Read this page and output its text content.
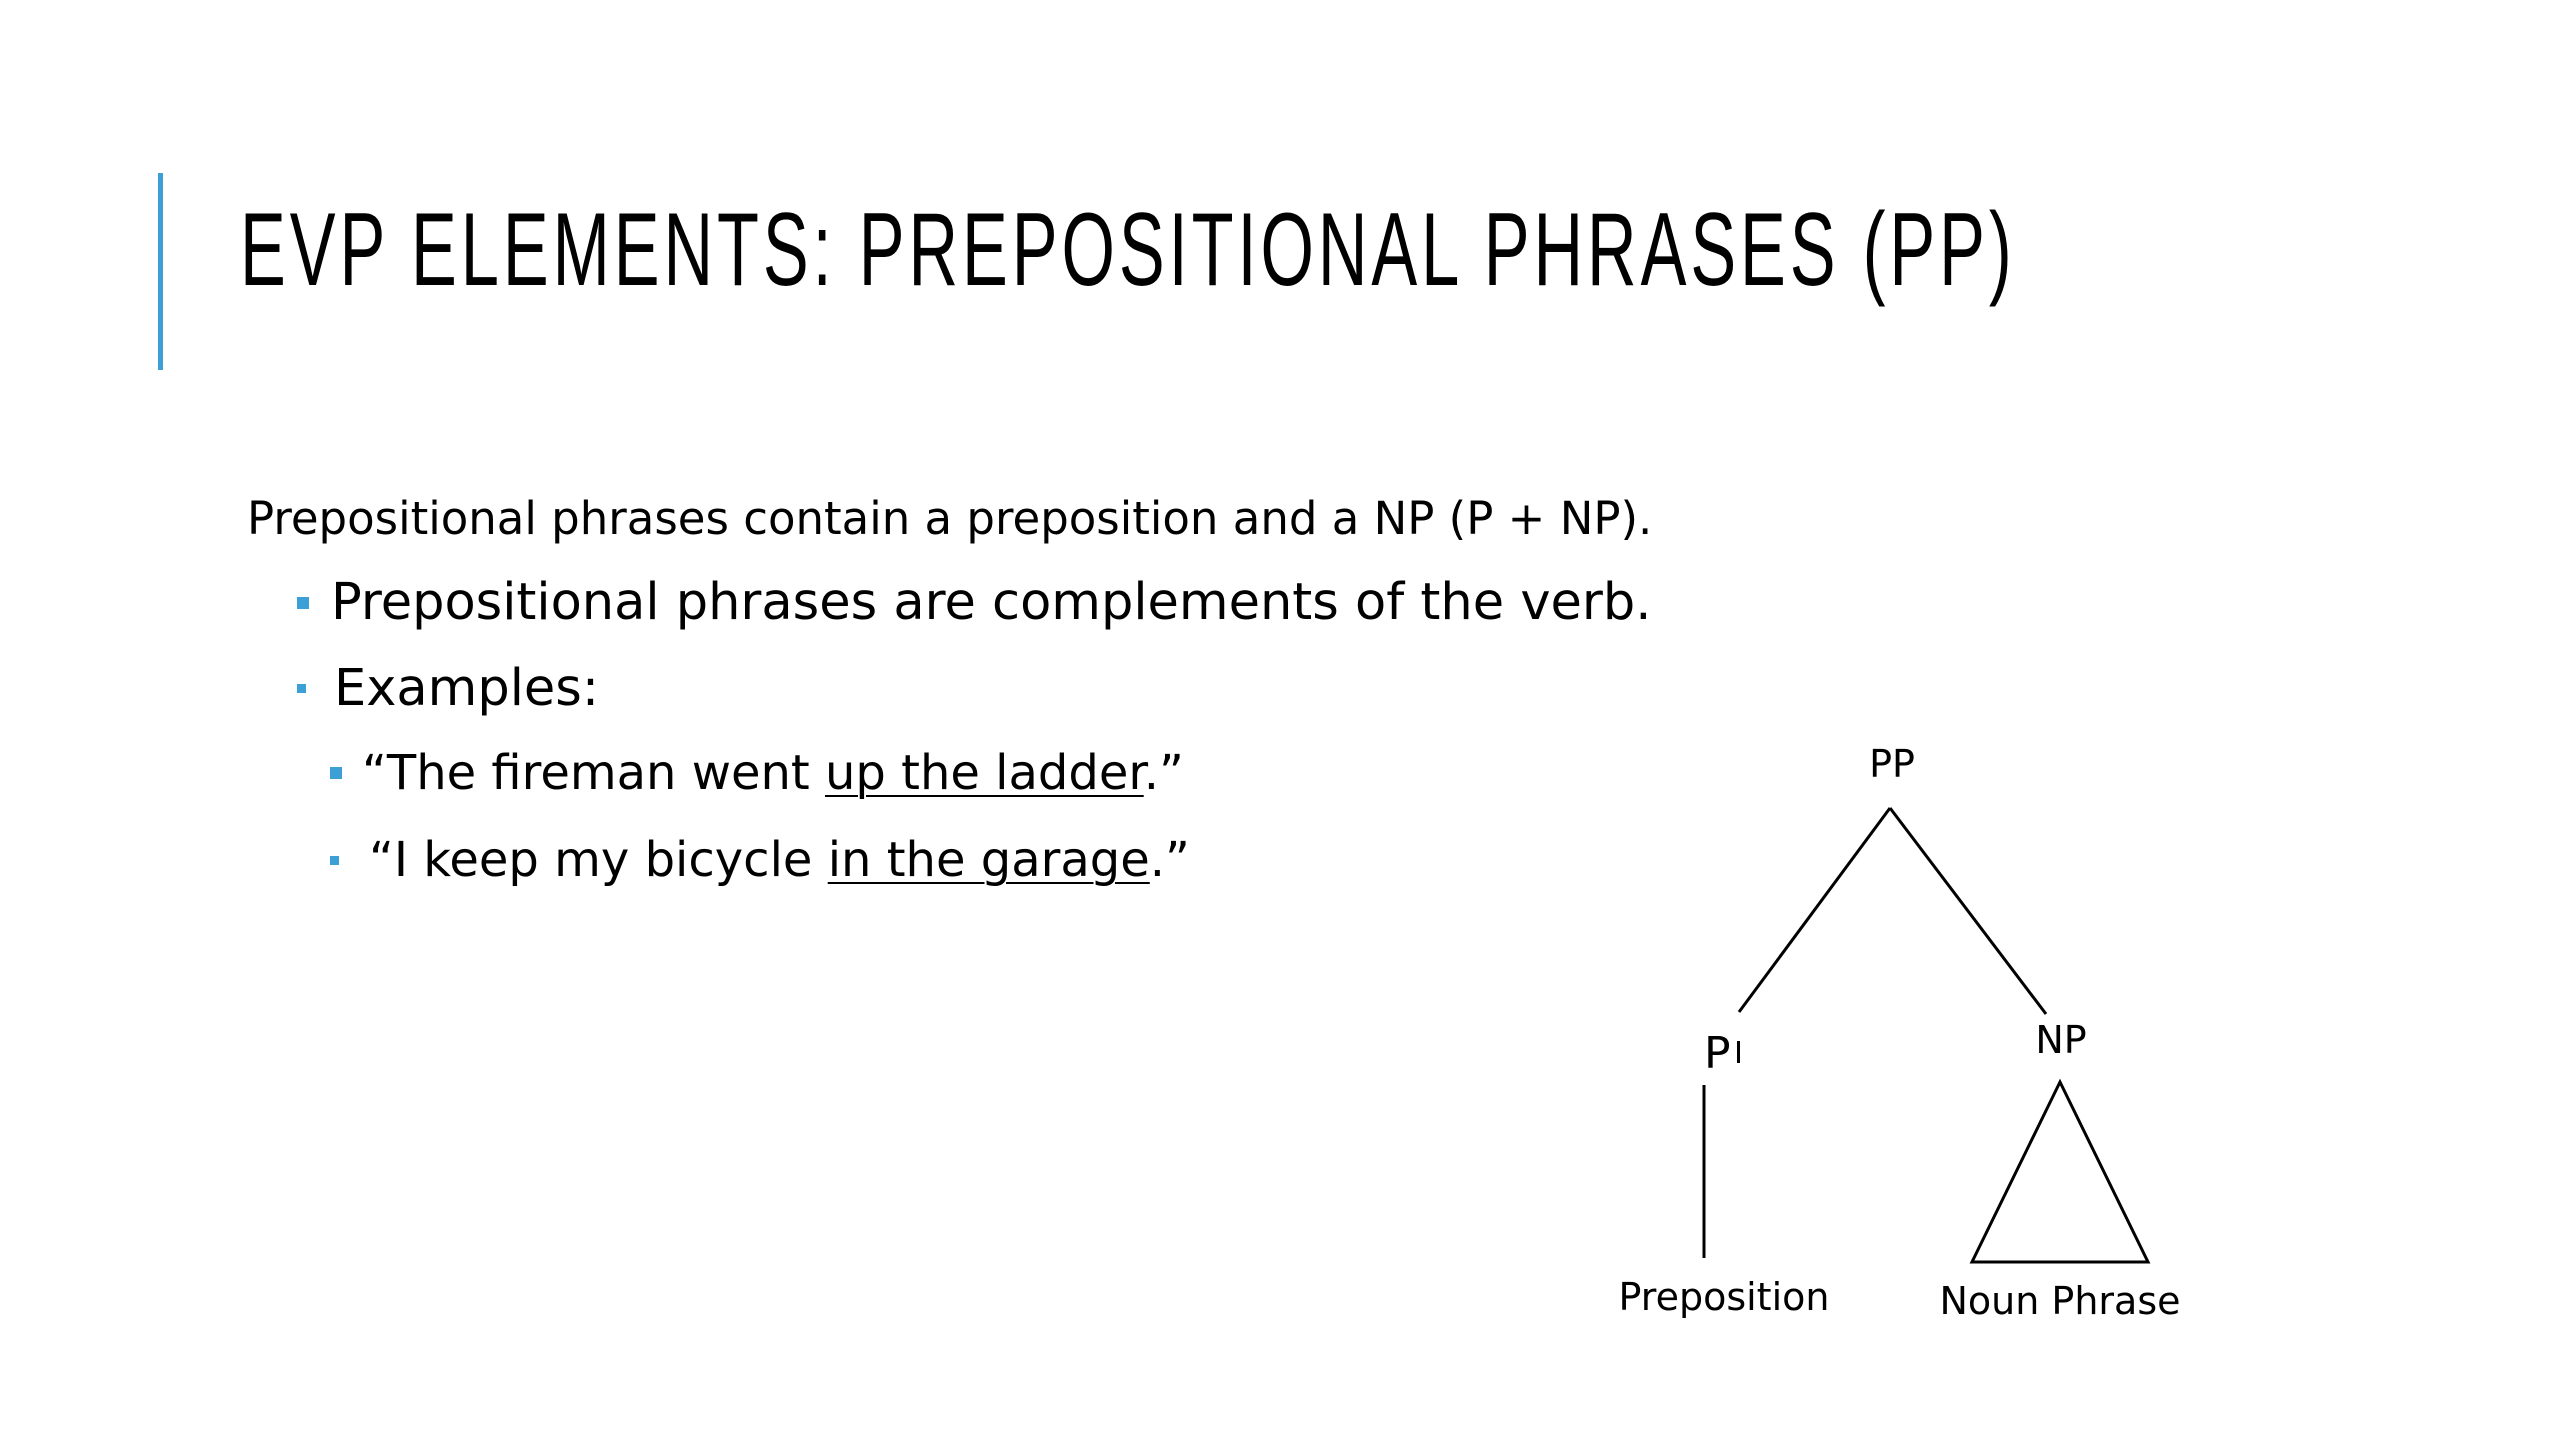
EVP ELEMENTS: PREPOSITIONAL PHRASES (PP)
Prepositional phrases contain a preposition and a NP (P + NP).
Prepositional phrases are complements of the verb.
Examples:
“The fireman went up the ladder.”
“I keep my bicycle in the garage.”
PP
P	NP
Preposition	Noun Phrase
